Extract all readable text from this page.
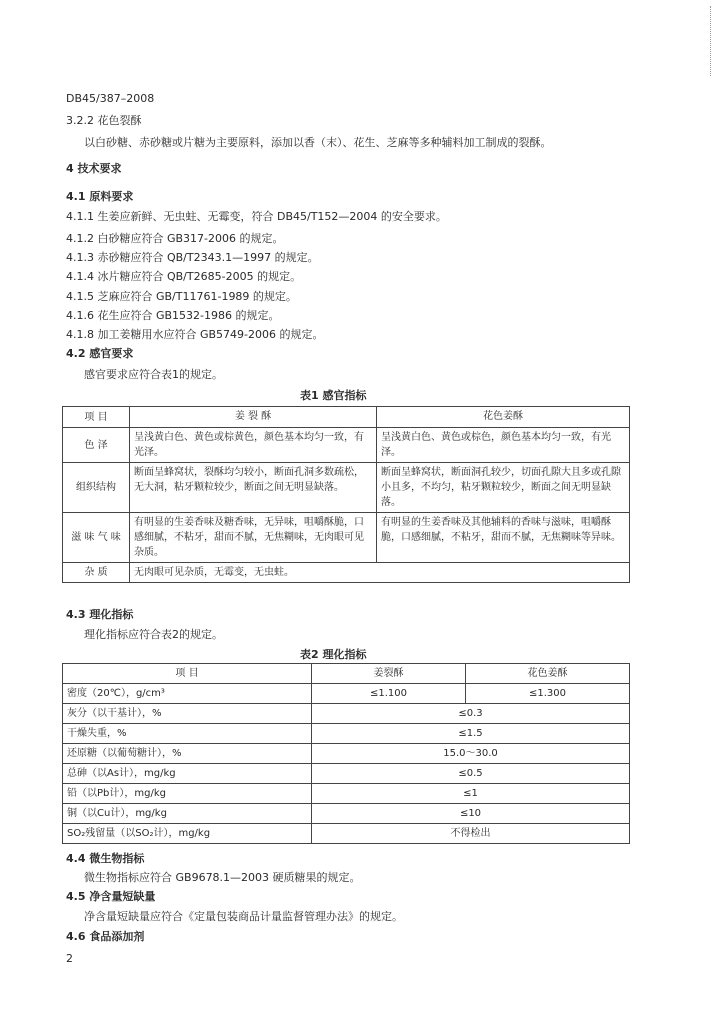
DB45/387–2008
3.2.2 花色裂酥
以白砂糖、赤砂糖或片糖为主要原料，添加以香（末）、花生、芝麻等多种辅料加工制成的裂酥。
4 技术要求
4.1 原料要求
4.1.1 生姜应新鲜、无虫蛀、无霉变，符合 DB45/T152—2004 的安全要求。
4.1.2 白砂糖应符合 GB317-2006 的规定。
4.1.3 赤砂糖应符合 QB/T2343.1—1997 的规定。
4.1.4 冰片糖应符合 QB/T2685-2005 的规定。
4.1.5 芝麻应符合 GB/T11761-1989 的规定。
4.1.6 花生应符合 GB1532-1986 的规定。
4.1.8 加工姜糖用水应符合 GB5749-2006 的规定。
4.2 感官要求
感官要求应符合表1的规定。
表1 感官指标
项 目	姜 裂 酥	花色姜酥
色 泽	呈浅黄白色、黄色或棕黄色，颜色基本均匀一致，有光泽。	呈浅黄白色、黄色或棕色，颜色基本均匀一致，有光泽。
组织结构	断面呈蜂窝状，裂酥均匀较小，断面孔洞多数疏松，无大洞，粘牙颗粒较少，断面之间无明显缺落。	断面呈蜂窝状，断面洞孔较少，切面孔隙大且多或孔隙小且多，不均匀，粘牙颗粒较少，断面之间无明显缺落。
滋 味 气 味	有明显的生姜香味及糖香味，无异味，咀嚼酥脆，口感细腻，不粘牙，甜而不腻，无焦糊味，无肉眼可见杂质。	有明显的生姜香味及其他辅料的香味与滋味，咀嚼酥脆，口感细腻，不粘牙，甜而不腻，无焦糊味等异味。
杂 质	无肉眼可见杂质，无霉变，无虫蛀。	
4.3 理化指标
理化指标应符合表2的规定。
表2 理化指标
项 目	姜裂酥	花色姜酥
密度（20℃），g/cm³	≤1.100	≤1.300
灰分（以干基计），%	≤0.3	
干燥失重，%	≤1.5	
还原糖（以葡萄糖计），%	15.0～30.0	
总砷（以As计），mg/kg	≤0.5	
铅（以Pb计），mg/kg	≤1	
铜（以Cu计），mg/kg	≤10	
SO₂残留量（以SO₂计），mg/kg	不得检出	
4.4 微生物指标
微生物指标应符合 GB9678.1—2003 硬质糖果的规定。
4.5 净含量短缺量
净含量短缺量应符合《定量包装商品计量监督管理办法》的规定。
4.6 食品添加剂
2
